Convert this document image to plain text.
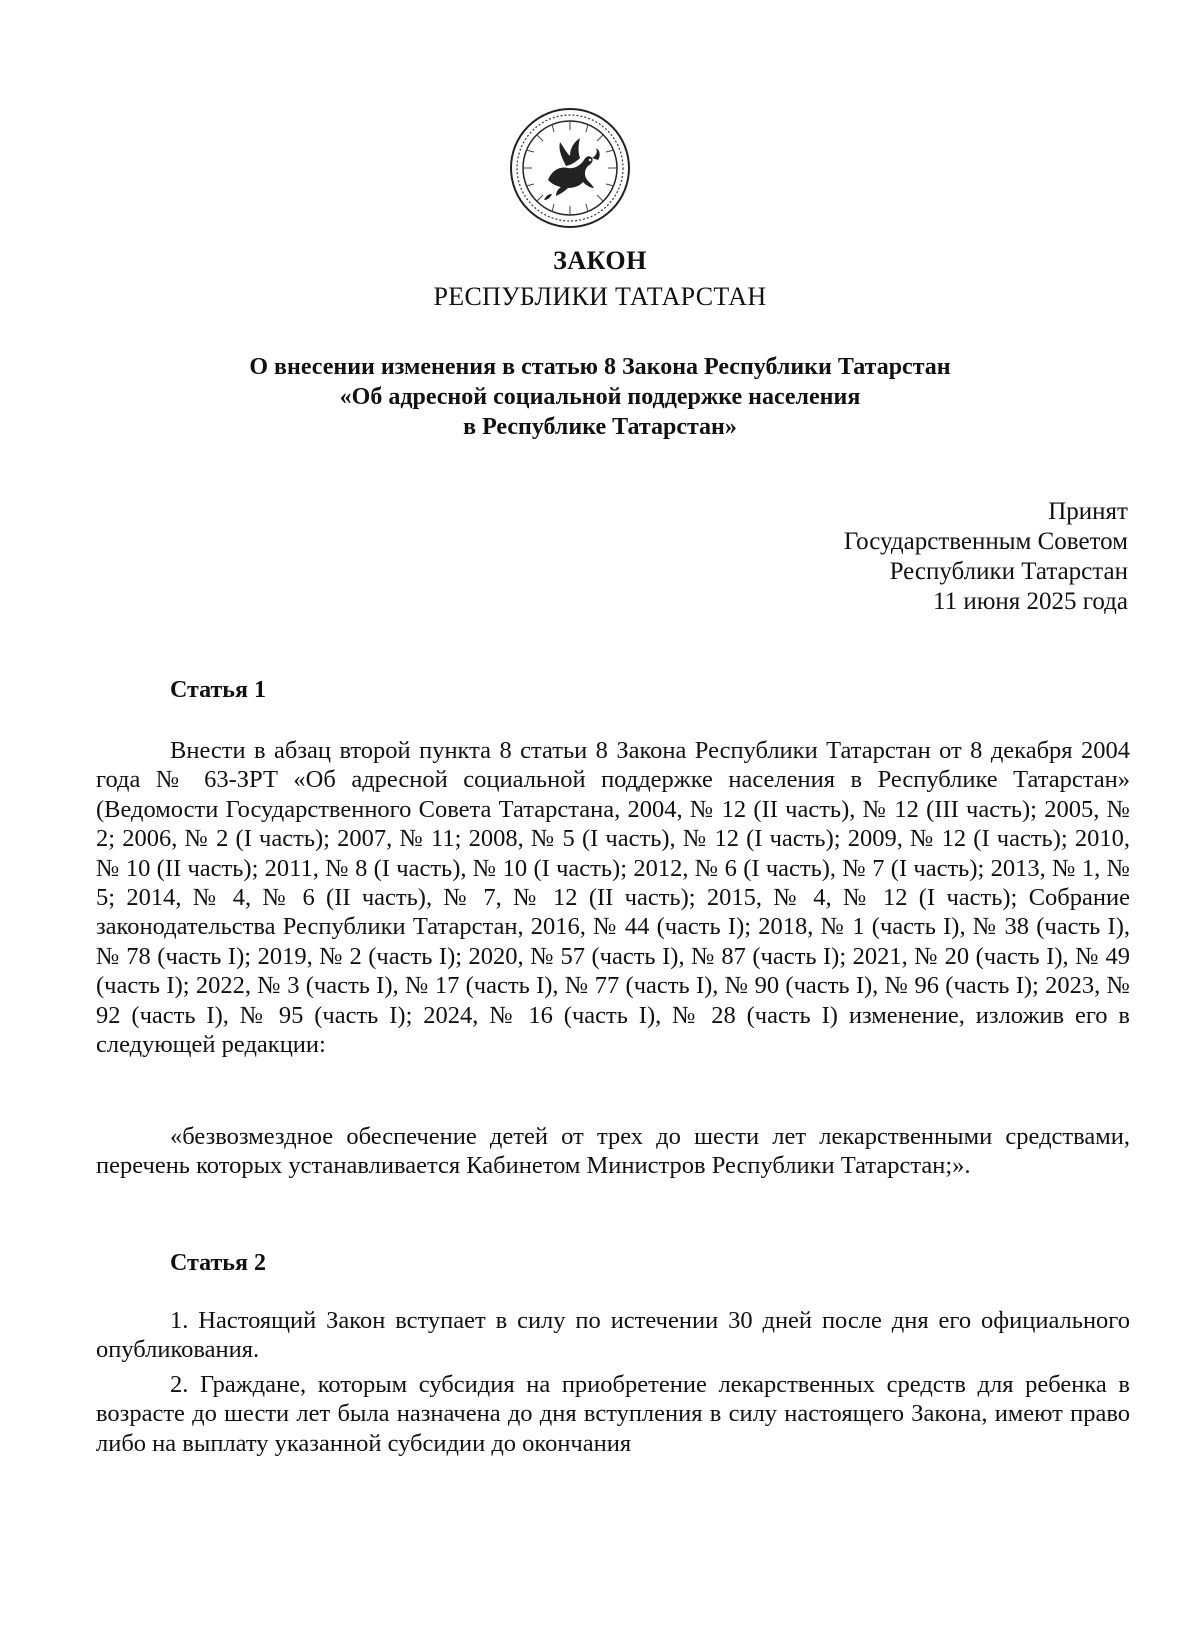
ЗАКОН
РЕСПУБЛИКИ ТАТАРСТАН
О внесении изменения в статью 8 Закона Республики Татарстан
«Об адресной социальной поддержке населения
в Республике Татарстан»
Принят
Государственным Советом
Республики Татарстан
11 июня 2025 года
Статья 1

Внести в абзац второй пункта 8 статьи 8 Закона Республики Татарстан от 8 декабря 2004 года № 63-ЗРТ «Об адресной социальной поддержке населения в Республике Татарстан» (Ведомости Государственного Совета Татарстана, 2004, № 12 (II часть), № 12 (III часть); 2005, № 2; 2006, № 2 (I часть); 2007, № 11; 2008, № 5 (I часть), № 12 (I часть); 2009, № 12 (I часть); 2010, № 10 (II часть); 2011, № 8 (I часть), № 10 (I часть); 2012, № 6 (I часть), № 7 (I часть); 2013, № 1, № 5; 2014, № 4, № 6 (II часть), № 7, № 12 (II часть); 2015, № 4, № 12 (I часть); Собрание законодательства Республики Татарстан, 2016, № 44 (часть I); 2018, № 1 (часть I), № 38 (часть I), № 78 (часть I); 2019, № 2 (часть I); 2020, № 57 (часть I), № 87 (часть I); 2021, № 20 (часть I), № 49 (часть I); 2022, № 3 (часть I), № 17 (часть I), № 77 (часть I), № 90 (часть I), № 96 (часть I); 2023, № 92 (часть I), № 95 (часть I); 2024, № 16 (часть I), № 28 (часть I) изменение, изложив его в следующей редакции:

«безвозмездное обеспечение детей от трех до шести лет лекарственными средствами, перечень которых устанавливается Кабинетом Министров Республики Татарстан;».

Статья 2

1. Настоящий Закон вступает в силу по истечении 30 дней после дня его официального опубликования.

2. Граждане, которым субсидия на приобретение лекарственных средств для ребенка в возрасте до шести лет была назначена до дня вступления в силу настоящего Закона, имеют право либо на выплату указанной субсидии до окончания
